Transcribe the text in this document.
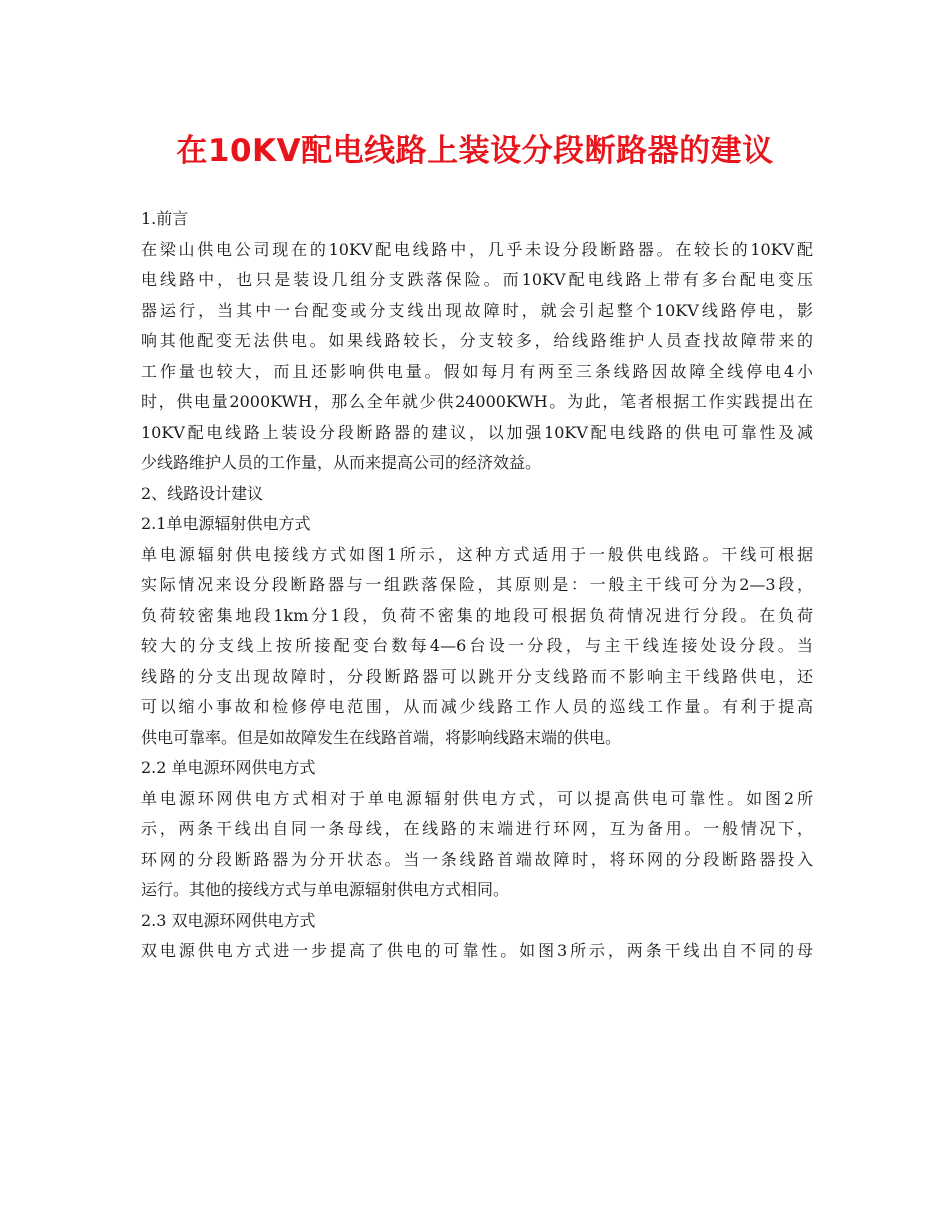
在10KV配电线路上装设分段断路器的建议
1.前言
在梁山供电公司现在的10KV配电线路中，几乎未设分段断路器。在较长的10KV配
电线路中，也只是装设几组分支跌落保险。而10KV配电线路上带有多台配电变压
器运行，当其中一台配变或分支线出现故障时，就会引起整个10KV线路停电，影
响其他配变无法供电。如果线路较长，分支较多，给线路维护人员查找故障带来的
工作量也较大，而且还影响供电量。假如每月有两至三条线路因故障全线停电4小
时，供电量2000KWH，那么全年就少供24000KWH。为此，笔者根据工作实践提出在
10KV配电线路上装设分段断路器的建议，以加强10KV配电线路的供电可靠性及减
少线路维护人员的工作量，从而来提高公司的经济效益。
2、线路设计建议
2.1单电源辐射供电方式
单电源辐射供电接线方式如图1所示，这种方式适用于一般供电线路。干线可根据
实际情况来设分段断路器与一组跌落保险，其原则是：一般主干线可分为2—3段，
负荷较密集地段1km分1段，负荷不密集的地段可根据负荷情况进行分段。在负荷
较大的分支线上按所接配变台数每4—6台设一分段，与主干线连接处设分段。当
线路的分支出现故障时，分段断路器可以跳开分支线路而不影响主干线路供电，还
可以缩小事故和检修停电范围，从而减少线路工作人员的巡线工作量。有利于提高
供电可靠率。但是如故障发生在线路首端，将影响线路末端的供电。
2.2 单电源环网供电方式
单电源环网供电方式相对于单电源辐射供电方式，可以提高供电可靠性。如图2所
示，两条干线出自同一条母线，在线路的末端进行环网，互为备用。一般情况下，
环网的分段断路器为分开状态。当一条线路首端故障时，将环网的分段断路器投入
运行。其他的接线方式与单电源辐射供电方式相同。
2.3 双电源环网供电方式
双电源供电方式进一步提高了供电的可靠性。如图3所示，两条干线出自不同的母
